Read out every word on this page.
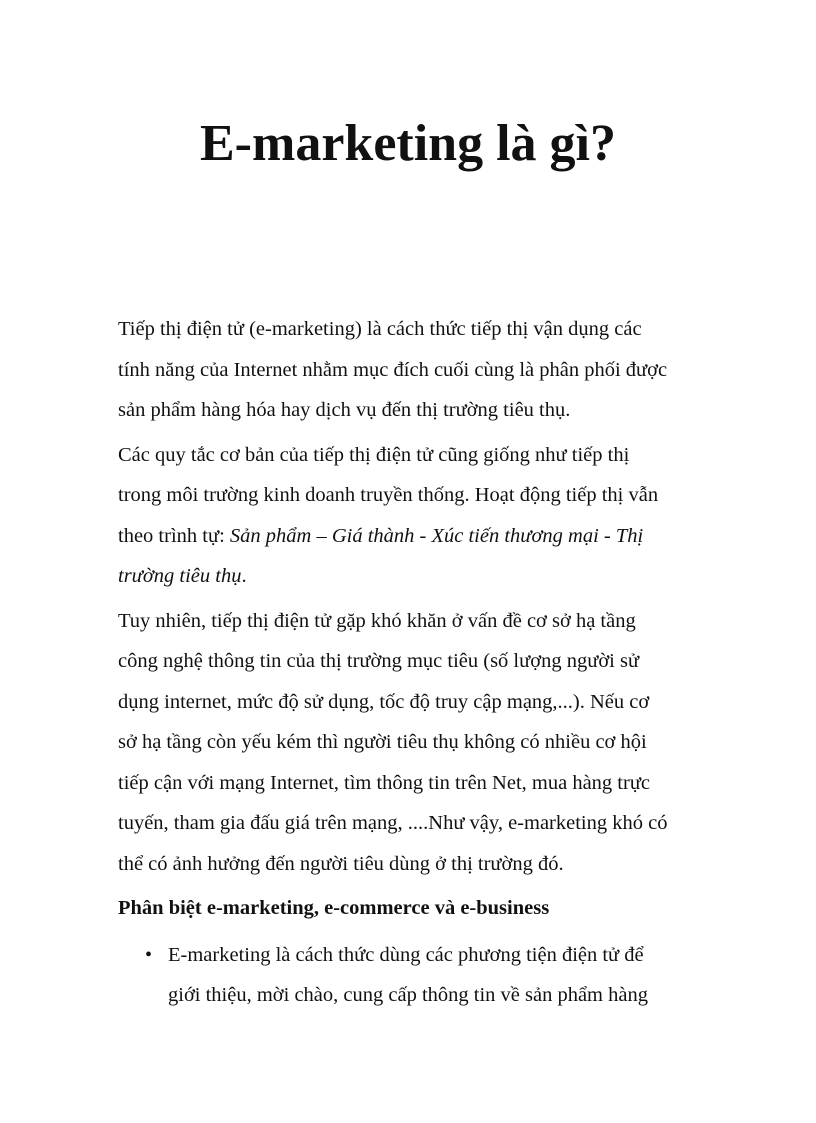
E-marketing là gì?

Tiếp thị điện tử (e-marketing) là cách thức tiếp thị vận dụng các
tính năng của Internet nhằm mục đích cuối cùng là phân phối được
sản phẩm hàng hóa hay dịch vụ đến thị trường tiêu thụ.

Các quy tắc cơ bản của tiếp thị điện tử cũng giống như tiếp thị
trong môi trường kinh doanh truyền thống. Hoạt động tiếp thị vẫn
theo trình tự: Sản phẩm – Giá thành - Xúc tiến thương mại - Thị
trường tiêu thụ.

Tuy nhiên, tiếp thị điện tử gặp khó khăn ở vấn đề cơ sở hạ tầng
công nghệ thông tin của thị trường mục tiêu (số lượng người sử
dụng internet, mức độ sử dụng, tốc độ truy cập mạng,...). Nếu cơ
sở hạ tầng còn yếu kém thì người tiêu thụ không có nhiều cơ hội
tiếp cận với mạng Internet, tìm thông tin trên Net, mua hàng trực
tuyến, tham gia đấu giá trên mạng, ....Như vậy, e-marketing khó có
thể có ảnh hưởng đến người tiêu dùng ở thị trường đó.

Phân biệt e-marketing, e-commerce và e-business
• E-marketing là cách thức dùng các phương tiện điện tử để
giới thiệu, mời chào, cung cấp thông tin về sản phẩm hàng
